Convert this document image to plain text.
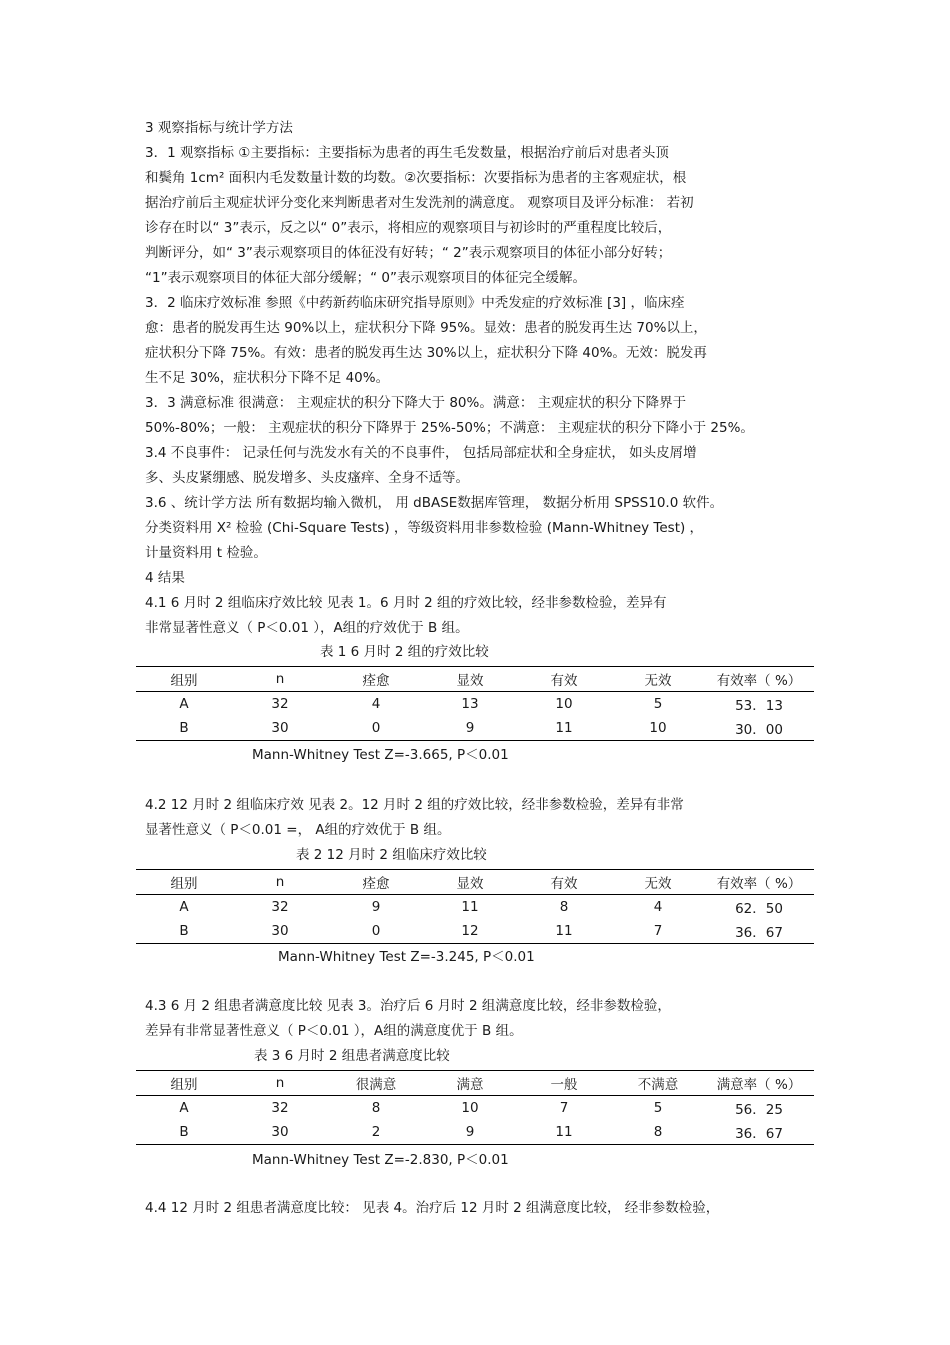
3 观察指标与统计学方法
3．1 观察指标 ①主要指标：主要指标为患者的再生毛发数量，根据治疗前后对患者头顶
和鬓角 1cm² 面积内毛发数量计数的均数。②次要指标：次要指标为患者的主客观症状，根
据治疗前后主观症状评分变化来判断患者对生发洗剂的满意度。 观察项目及评分标准： 若初
诊存在时以“ 3”表示，反之以“ 0”表示，将相应的观察项目与初诊时的严重程度比较后，
判断评分，如“ 3”表示观察项目的体征没有好转；“ 2”表示观察项目的体征小部分好转；
“1”表示观察项目的体征大部分缓解；“ 0”表示观察项目的体征完全缓解。
3．2 临床疗效标准 参照《中药新药临床研究指导原则》中秃发症的疗效标准 [3] ，临床痊
愈：患者的脱发再生达 90%以上，症状积分下降 95%。显效：患者的脱发再生达 70%以上，
症状积分下降 75%。有效：患者的脱发再生达 30%以上，症状积分下降 40%。无效：脱发再
生不足 30%，症状积分下降不足 40%。
3．3 满意标准 很满意： 主观症状的积分下降大于 80%。满意： 主观症状的积分下降界于
50%-80%；一般： 主观症状的积分下降界于 25%-50%；不满意： 主观症状的积分下降小于 25%。
3.4 不良事件： 记录任何与洗发水有关的不良事件， 包括局部症状和全身症状， 如头皮屑增
多、头皮紧绷感、脱发增多、头皮瘙痒、全身不适等。
3.6 、统计学方法 所有数据均输入微机， 用 dBASE数据库管理， 数据分析用 SPSS10.0 软件。
分类资料用 X² 检验 (Chi-Square Tests) ，等级资料用非参数检验 (Mann-Whitney Test) ，
计量资料用 t 检验。
4 结果
4.1 6 月时 2 组临床疗效比较 见表 1。6 月时 2 组的疗效比较，经非参数检验，差异有
非常显著性意义（ P＜0.01 ），A组的疗效优于 B 组。
表 1 6 月时 2 组的疗效比较
组别	n	痊愈	显效	有效	无效	有效率（ %）
A	32	4	13	10	5	53．13
B	30	0	9	11	10	30．00
Mann-Whitney Test Z=-3.665, P＜0.01
4.2 12 月时 2 组临床疗效 见表 2。12 月时 2 组的疗效比较，经非参数检验，差异有非常
显著性意义（ P＜0.01 =， A组的疗效优于 B 组。
表 2 12 月时 2 组临床疗效比较
组别	n	痊愈	显效	有效	无效	有效率（ %）
A	32	9	11	8	4	62．50
B	30	0	12	11	7	36．67
Mann-Whitney Test Z=-3.245, P＜0.01
4.3 6 月 2 组患者满意度比较 见表 3。治疗后 6 月时 2 组满意度比较，经非参数检验，
差异有非常显著性意义（ P＜0.01 ），A组的满意度优于 B 组。
表 3 6 月时 2 组患者满意度比较
组别	n	很满意	满意	一般	不满意	满意率（ %）
A	32	8	10	7	5	56．25
B	30	2	9	11	8	36．67
Mann-Whitney Test Z=-2.830, P＜0.01
4.4 12 月时 2 组患者满意度比较： 见表 4。治疗后 12 月时 2 组满意度比较， 经非参数检验，
